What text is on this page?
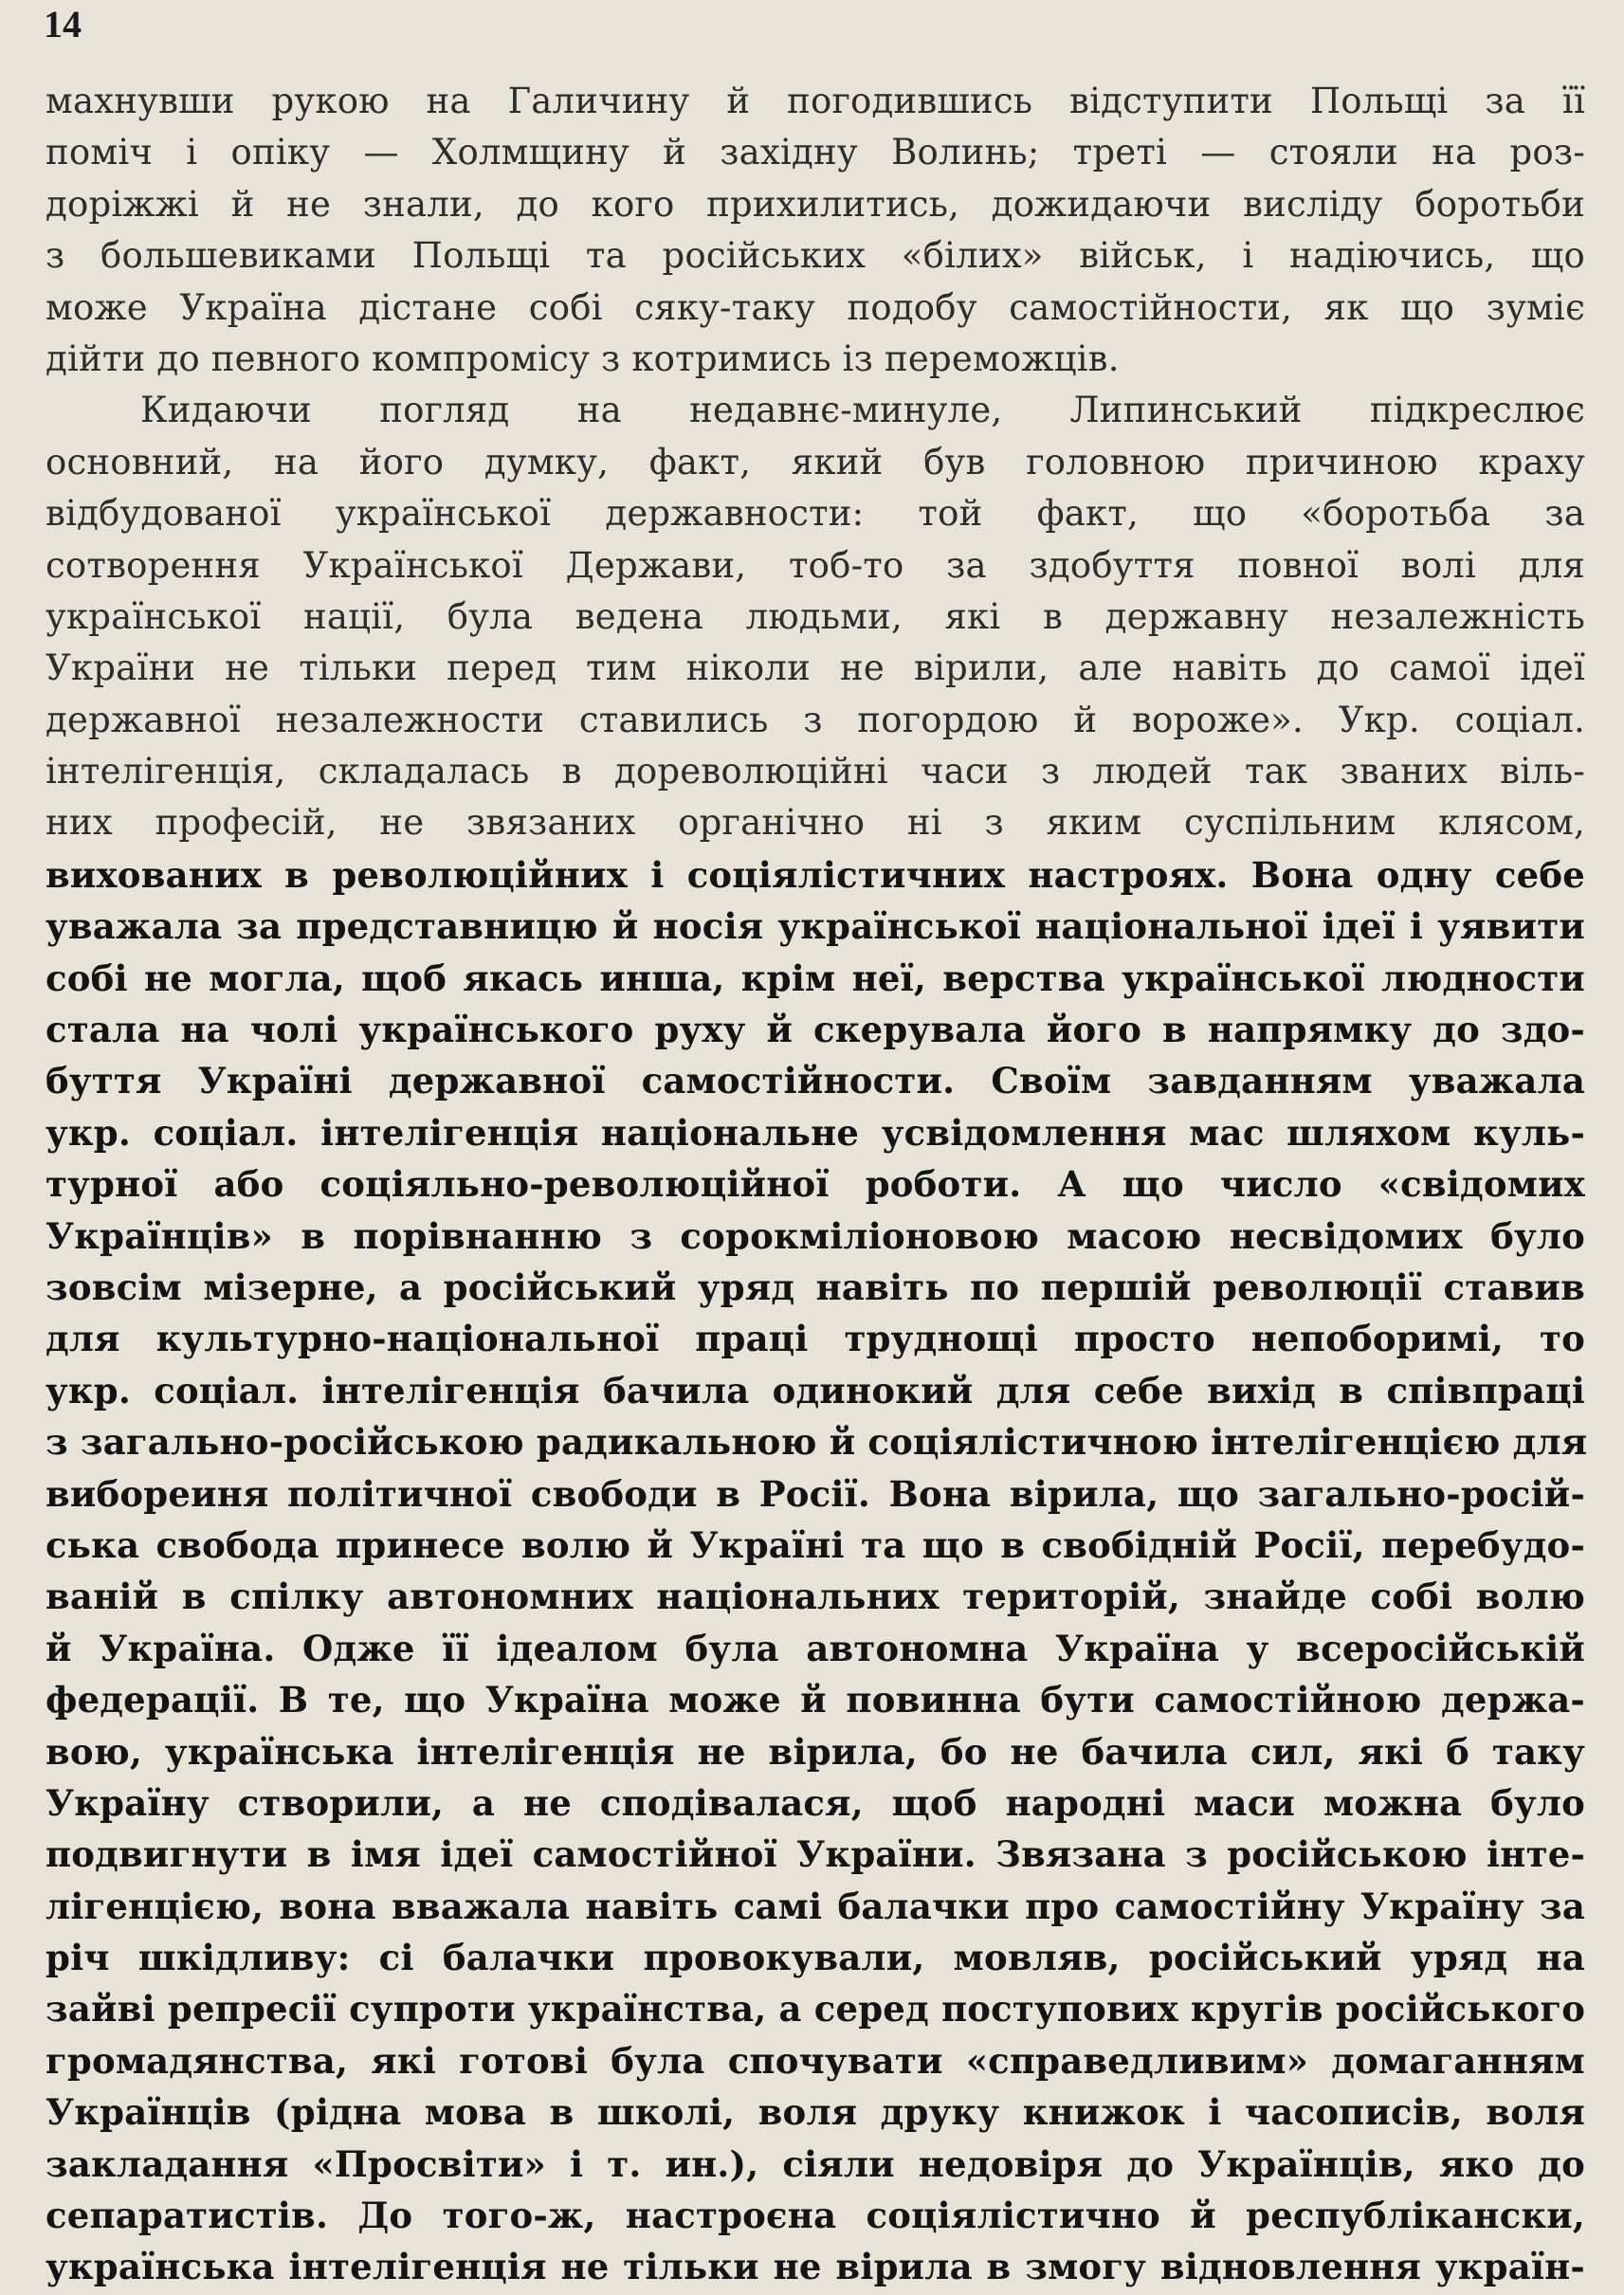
14
махнувши рукою на Галичину й погодившись відступити Польщі за її
поміч і опіку — Холмщину й західну Волинь; треті — стояли на роз-
доріжжі й не знали, до кого прихилитись, дожидаючи висліду боротьби
з большевиками Польщі та російських «білих» військ, і надіючись, що
може Україна дістане собі сяку-таку подобу самостійности, як що зуміє
дійти до певного компромісу з котримись із переможців.
Кидаючи погляд на недавнє-минуле, Липинський підкреслює
основний, на його думку, факт, який був головною причиною краху
відбудованої української державности: той факт, що «боротьба за
сотворення Української Держави, тоб-то за здобуття повної волі для
української нації, була ведена людьми, які в державну незалежність
України не тільки перед тим ніколи не вірили, але навіть до самої ідеї
державної незалежности ставились з погордою й вороже». Укр. соціал.
інтелігенція, складалась в дореволюційні часи з людей так званих віль-
них професій, не звязаних органічно ні з яким суспільним клясом,
вихованих в революційних і соціялістичних настроях. Вона одну себе
уважала за представницю й носія української національної ідеї і уявити
собі не могла, щоб якась инша, крім неї, верства української людности
стала на чолі українського руху й скерувала його в напрямку до здо-
буття Україні державної самостійности. Своїм завданням уважала
укр. соціал. інтелігенція національне усвідомлення мас шляхом куль-
турної або соціяльно-революційної роботи. А що число «свідомих
Українців» в порівнанню з сорокміліоновою масою несвідомих було
зовсім мізерне, а російський уряд навіть по першій революції ставив
для культурно-національної праці труднощі просто непоборимі, то
укр. соціал. інтелігенція бачила одинокий для себе вихід в співпраці
з загально-російською радикальною й соціялістичною інтелігенцією для
вибореиня політичної свободи в Росії. Вона вірила, що загально-росій-
ська свобода принесе волю й Україні та що в свобідній Росії, перебудо-
ваній в спілку автономних національних територій, знайде собі волю
й Україна. Одже її ідеалом була автономна Україна у всеросійській
федерації. В те, що Україна може й повинна бути самостійною держа-
вою, українська інтелігенція не вірила, бо не бачила сил, які б таку
Україну створили, а не сподівалася, щоб народні маси можна було
подвигнути в імя ідеї самостійної України. Звязана з російською інте-
лігенцією, вона вважала навіть самі балачки про самостійну Україну за
річ шкідливу: сі балачки провокували, мовляв, російський уряд на
зайві репресії супроти українства, а серед поступових кругів російського
громадянства, які готові була спочувати «справедливим» домаганням
Українців (рідна мова в школі, воля друку книжок і часописів, воля
закладання «Просвіти» і т. ин.), сіяли недовіря до Українців, яко до
сепаратистів. До того-ж, настроєна соціялістично й республікански,
українська інтелігенція не тільки не вірила в змогу відновлення україн-
